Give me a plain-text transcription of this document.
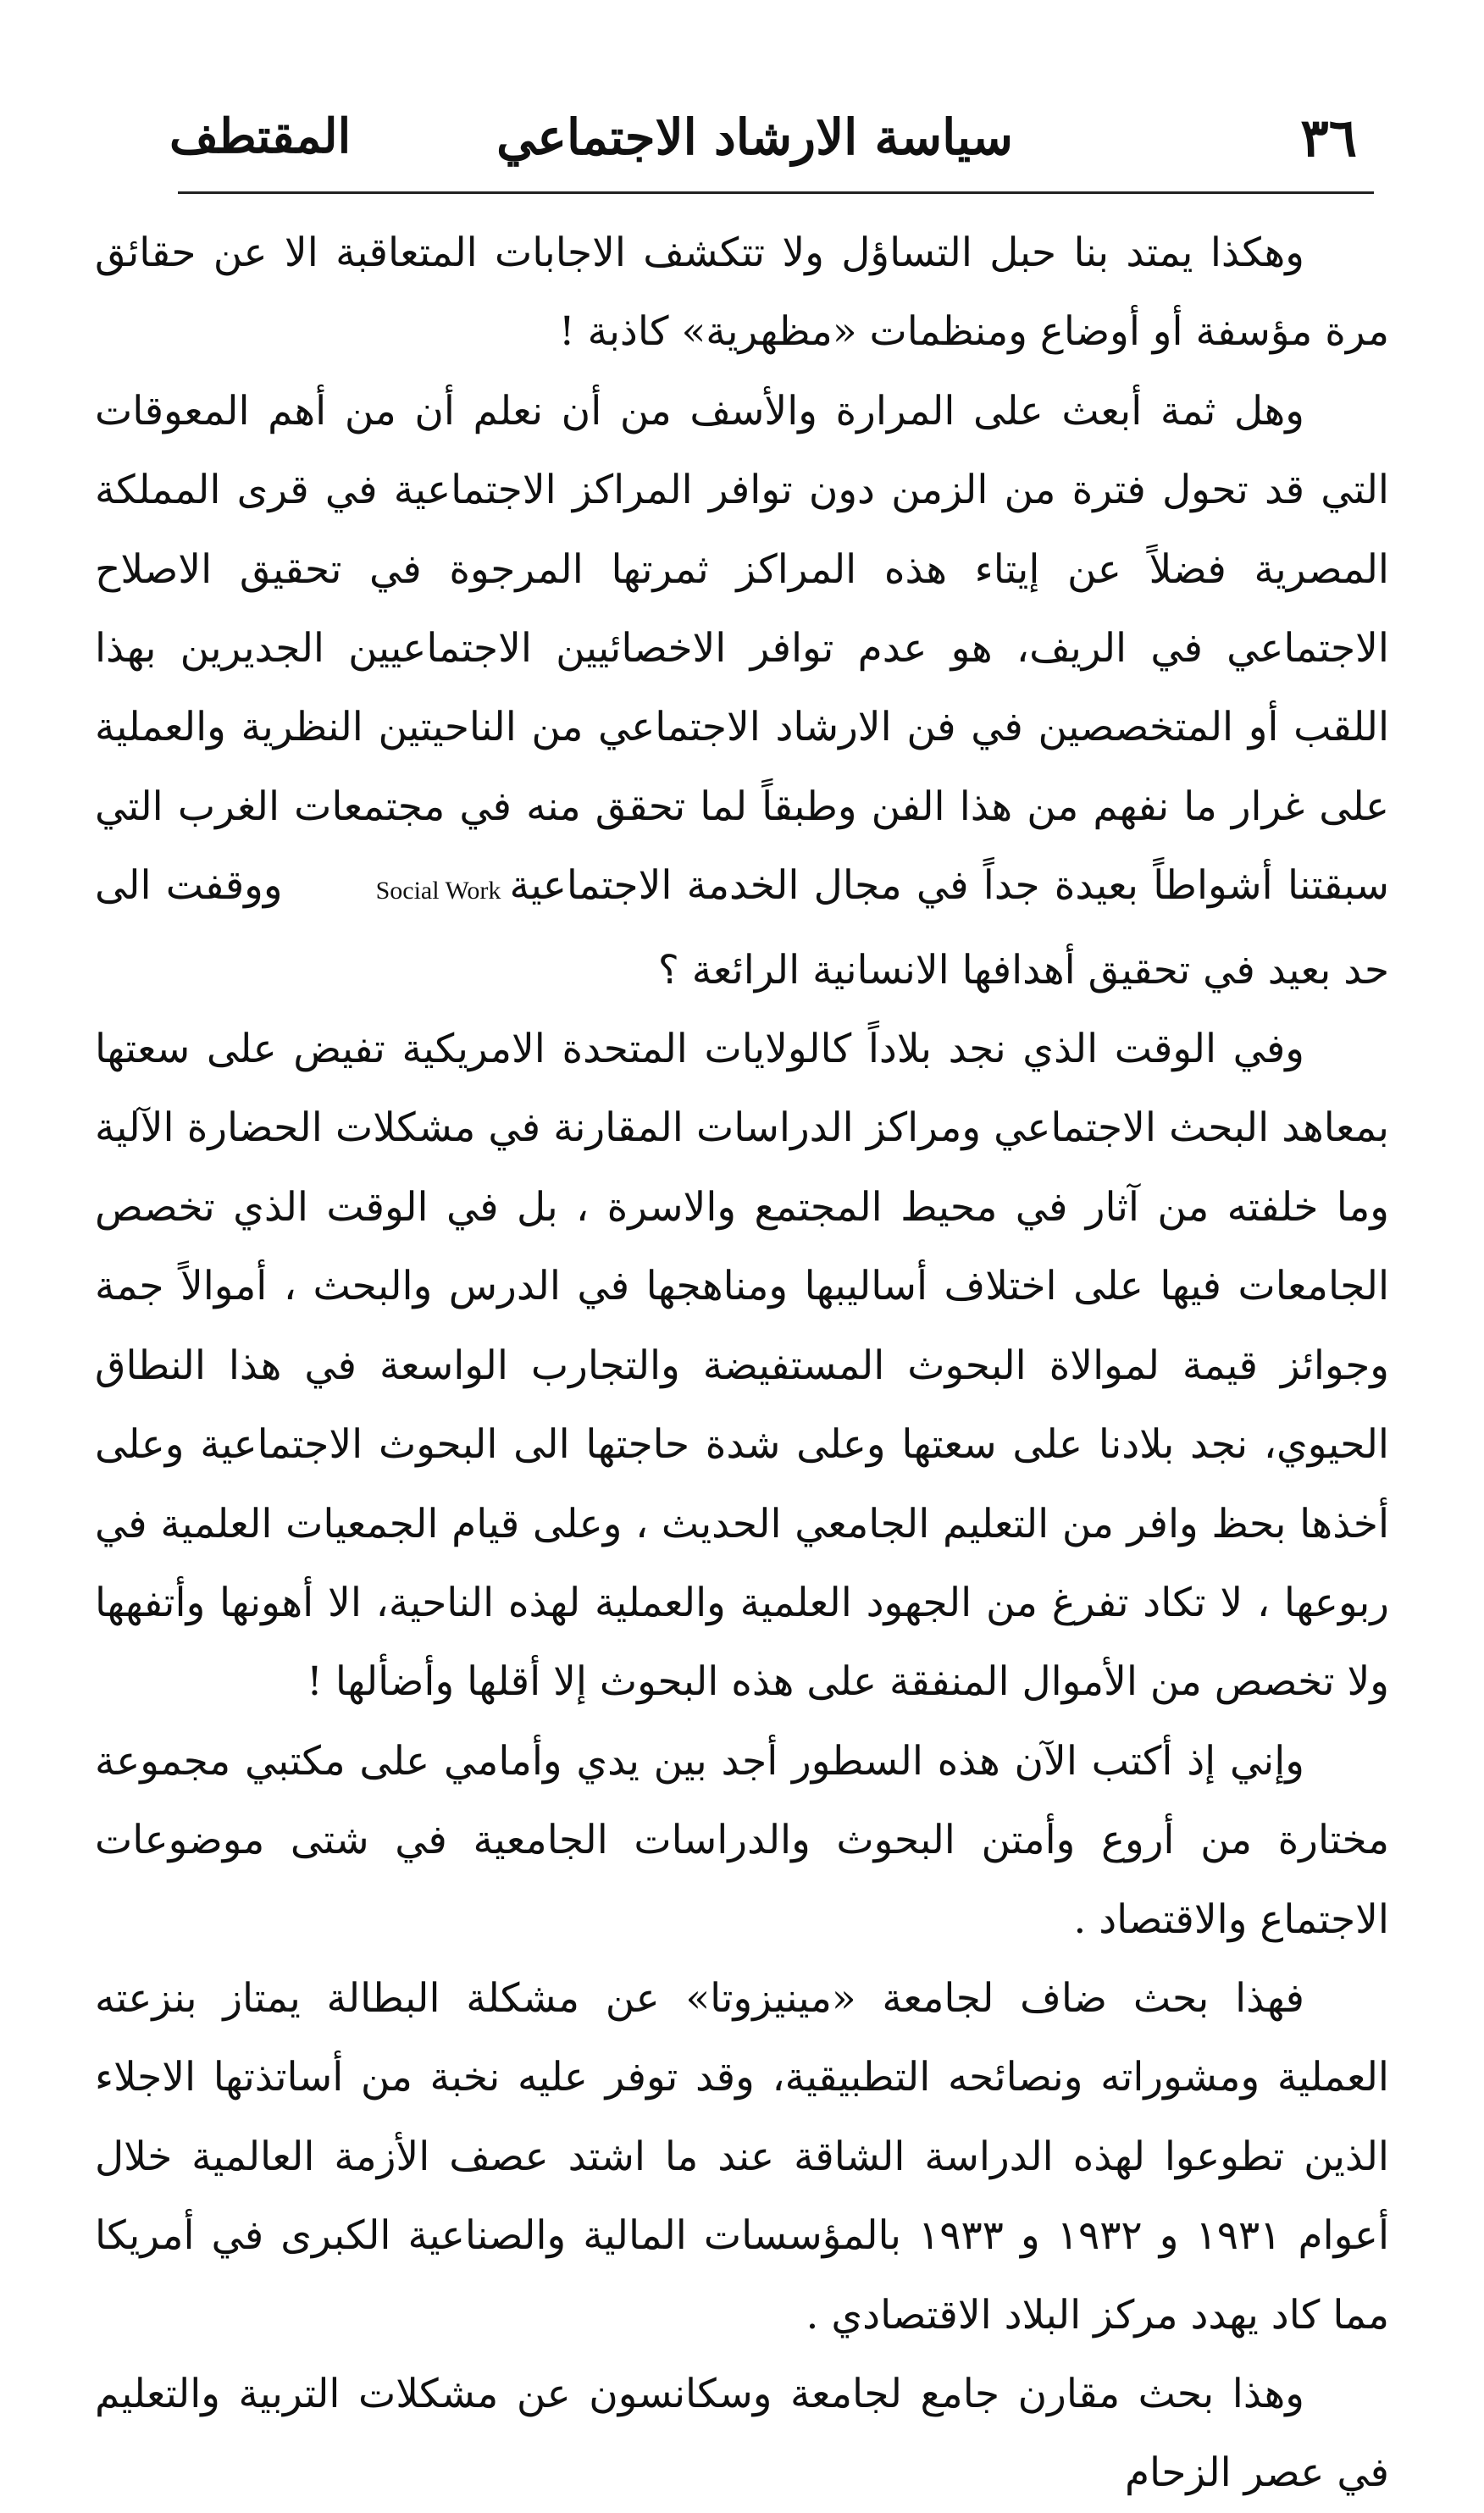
٣٦
سياسة الارشاد الاجتماعي
المقتطف

وهكذا يمتد بنا حبل التساؤل ولا تتكشف الاجابات المتعاقبة الا عن حقائق مرة مؤسفة أو أوضاع ومنظمات «مظهرية» كاذبة !

وهل ثمة أبعث على المرارة والأسف من أن نعلم أن من أهم المعوقات التي قد تحول فترة من الزمن دون توافر المراكز الاجتماعية في قرى المملكة المصرية فضلاً عن إيتاء هذه المراكز ثمرتها المرجوة في تحقيق الاصلاح الاجتماعي في الريف، هو عدم توافر الاخصائيين الاجتماعيين الجديرين بهذا اللقب أو المتخصصين في فن الارشاد الاجتماعي من الناحيتين النظرية والعملية على غرار ما نفهم من هذا الفن وطبقاً لما تحقق منه في مجتمعات الغرب التي سبقتنا أشواطاً بعيدة جداً في مجال الخدمة الاجتماعيةSocial Workووقفت الى حد بعيد في تحقيق أهدافها الانسانية الرائعة ؟

وفي الوقت الذي نجد بلاداً كالولايات المتحدة الامريكية تفيض على سعتها بمعاهد البحث الاجتماعي ومراكز الدراسات المقارنة في مشكلات الحضارة الآلية وما خلفته من آثار في محيط المجتمع والاسرة ، بل في الوقت الذي تخصص الجامعات فيها على اختلاف أساليبها ومناهجها في الدرس والبحث ، أموالاً جمة وجوائز قيمة لموالاة البحوث المستفيضة والتجارب الواسعة في هذا النطاق الحيوي، نجد بلادنا على سعتها وعلى شدة حاجتها الى البحوث الاجتماعية وعلى أخذها بحظ وافر من التعليم الجامعي الحديث ، وعلى قيام الجمعيات العلمية في ربوعها ، لا تكاد تفرغ من الجهود العلمية والعملية لهذه الناحية، الا أهونها وأتفهها ولا تخصص من الأموال المنفقة على هذه البحوث إلا أقلها وأضألها !

وإني إذ أكتب الآن هذه السطور أجد بين يدي وأمامي على مكتبي مجموعة مختارة من أروع وأمتن البحوث والدراسات الجامعية في شتى موضوعات الاجتماع والاقتصاد .

فهذا بحث ضاف لجامعة «مينيزوتا» عن مشكلة البطالة يمتاز بنزعته العملية ومشوراته ونصائحه التطبيقية، وقد توفر عليه نخبة من أساتذتها الاجلاء الذين تطوعوا لهذه الدراسة الشاقة عند ما اشتد عصف الأزمة العالمية خلال أعوام ١٩٣١ و ١٩٣٢ و ١٩٣٣ بالمؤسسات المالية والصناعية الكبرى في أمريكا مما كاد يهدد مركز البلاد الاقتصادي .

وهذا بحث مقارن جامع لجامعة وسكانسون عن مشكلات التربية والتعليم في عصر الزحام
